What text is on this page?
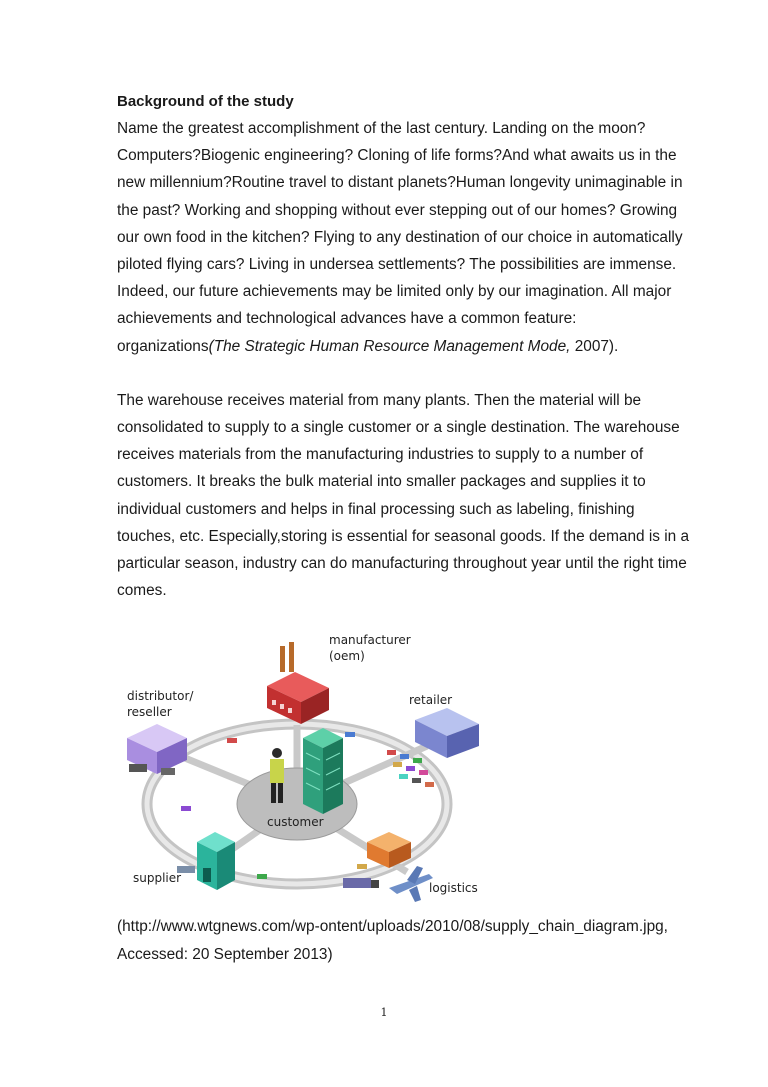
Background of the study

Name the greatest accomplishment of the last century. Landing on the moon? Computers?Biogenic engineering? Cloning of life forms?And what awaits us in the new millennium?Routine travel to distant planets?Human longevity unimaginable in the past? Working and shopping without ever stepping out of our homes? Growing our own food in the kitchen? Flying to any destination of our choice in automatically piloted flying cars? Living in undersea settlements? The possibilities are immense. Indeed, our future achievements may be limited only by our imagination. All major achievements and technological advances have a common feature: organizations(The Strategic Human Resource Management Mode, 2007).

The warehouse receives material from many plants. Then the material will be consolidated to supply to a single customer or a single destination. The warehouse receives materials from the manufacturing industries to supply to a number of customers. It breaks the bulk material into smaller packages and supplies it to individual customers and helps in final processing such as labeling, finishing touches, etc. Especially,storing is essential for seasonal goods. If the demand is in a particular season, industry can do manufacturing throughout year until the right time comes.

manufacturer
(oem)
distributor/
reseller
retailer
customer
supplier
logistics

(http://www.wtgnews.com/wp-ontent/uploads/2010/08/supply_chain_diagram.jpg,
Accessed: 20 September 2013)

1
